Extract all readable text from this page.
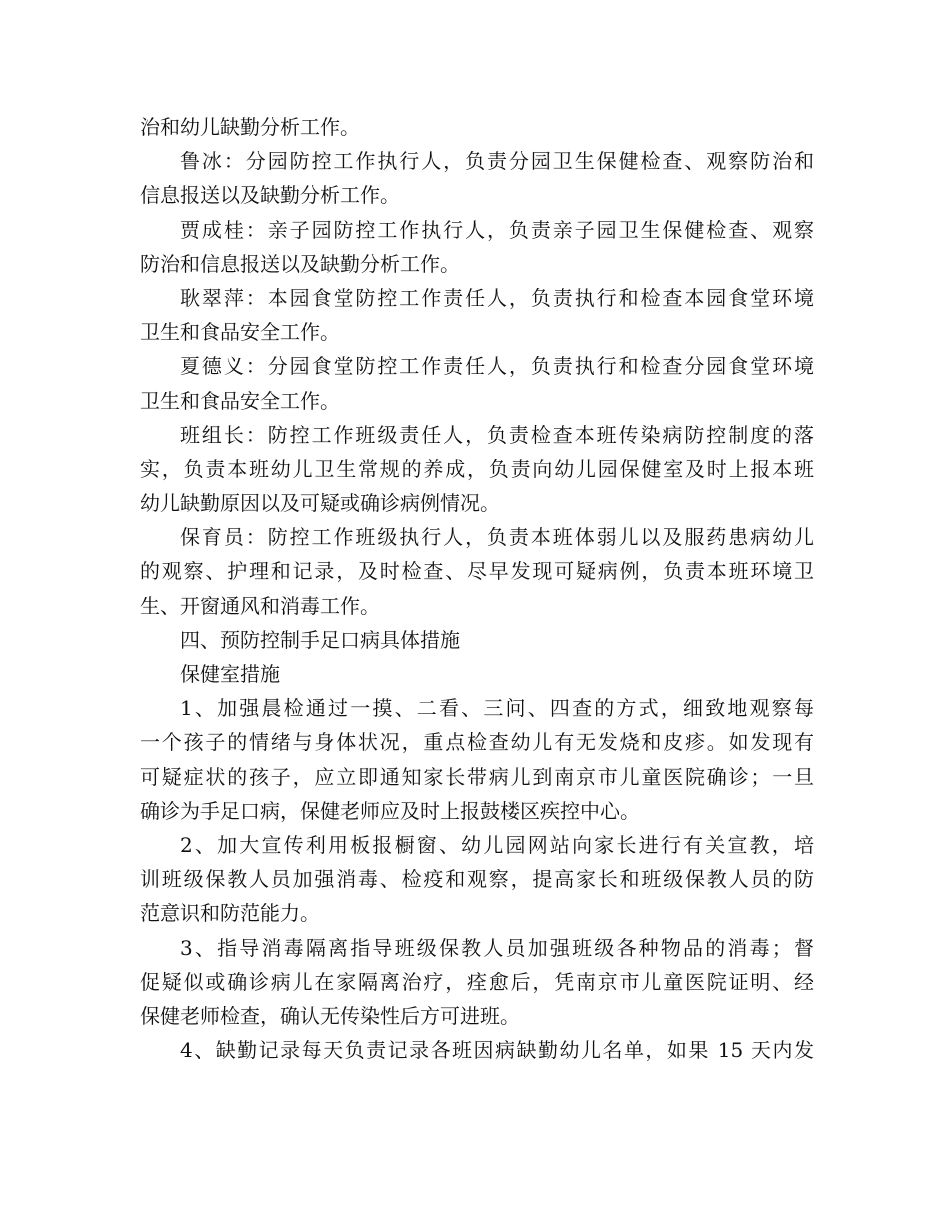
治和幼儿缺勤分析工作。
鲁冰：分园防控工作执行人，负责分园卫生保健检查、观察防治和
信息报送以及缺勤分析工作。
贾成桂：亲子园防控工作执行人，负责亲子园卫生保健检查、观察
防治和信息报送以及缺勤分析工作。
耿翠萍：本园食堂防控工作责任人，负责执行和检查本园食堂环境
卫生和食品安全工作。
夏德义：分园食堂防控工作责任人，负责执行和检查分园食堂环境
卫生和食品安全工作。
班组长：防控工作班级责任人，负责检查本班传染病防控制度的落
实，负责本班幼儿卫生常规的养成，负责向幼儿园保健室及时上报本班
幼儿缺勤原因以及可疑或确诊病例情况。
保育员：防控工作班级执行人，负责本班体弱儿以及服药患病幼儿
的观察、护理和记录，及时检查、尽早发现可疑病例，负责本班环境卫
生、开窗通风和消毒工作。
四、预防控制手足口病具体措施
保健室措施
1、加强晨检通过一摸、二看、三问、四查的方式，细致地观察每
一个孩子的情绪与身体状况，重点检查幼儿有无发烧和皮疹。如发现有
可疑症状的孩子，应立即通知家长带病儿到南京市儿童医院确诊；一旦
确诊为手足口病，保健老师应及时上报鼓楼区疾控中心。
2、加大宣传利用板报橱窗、幼儿园网站向家长进行有关宣教，培
训班级保教人员加强消毒、检疫和观察，提高家长和班级保教人员的防
范意识和防范能力。
3、指导消毒隔离指导班级保教人员加强班级各种物品的消毒；督
促疑似或确诊病儿在家隔离治疗，痊愈后，凭南京市儿童医院证明、经
保健老师检查，确认无传染性后方可进班。
4、缺勤记录每天负责记录各班因病缺勤幼儿名单，如果 15 天内发
